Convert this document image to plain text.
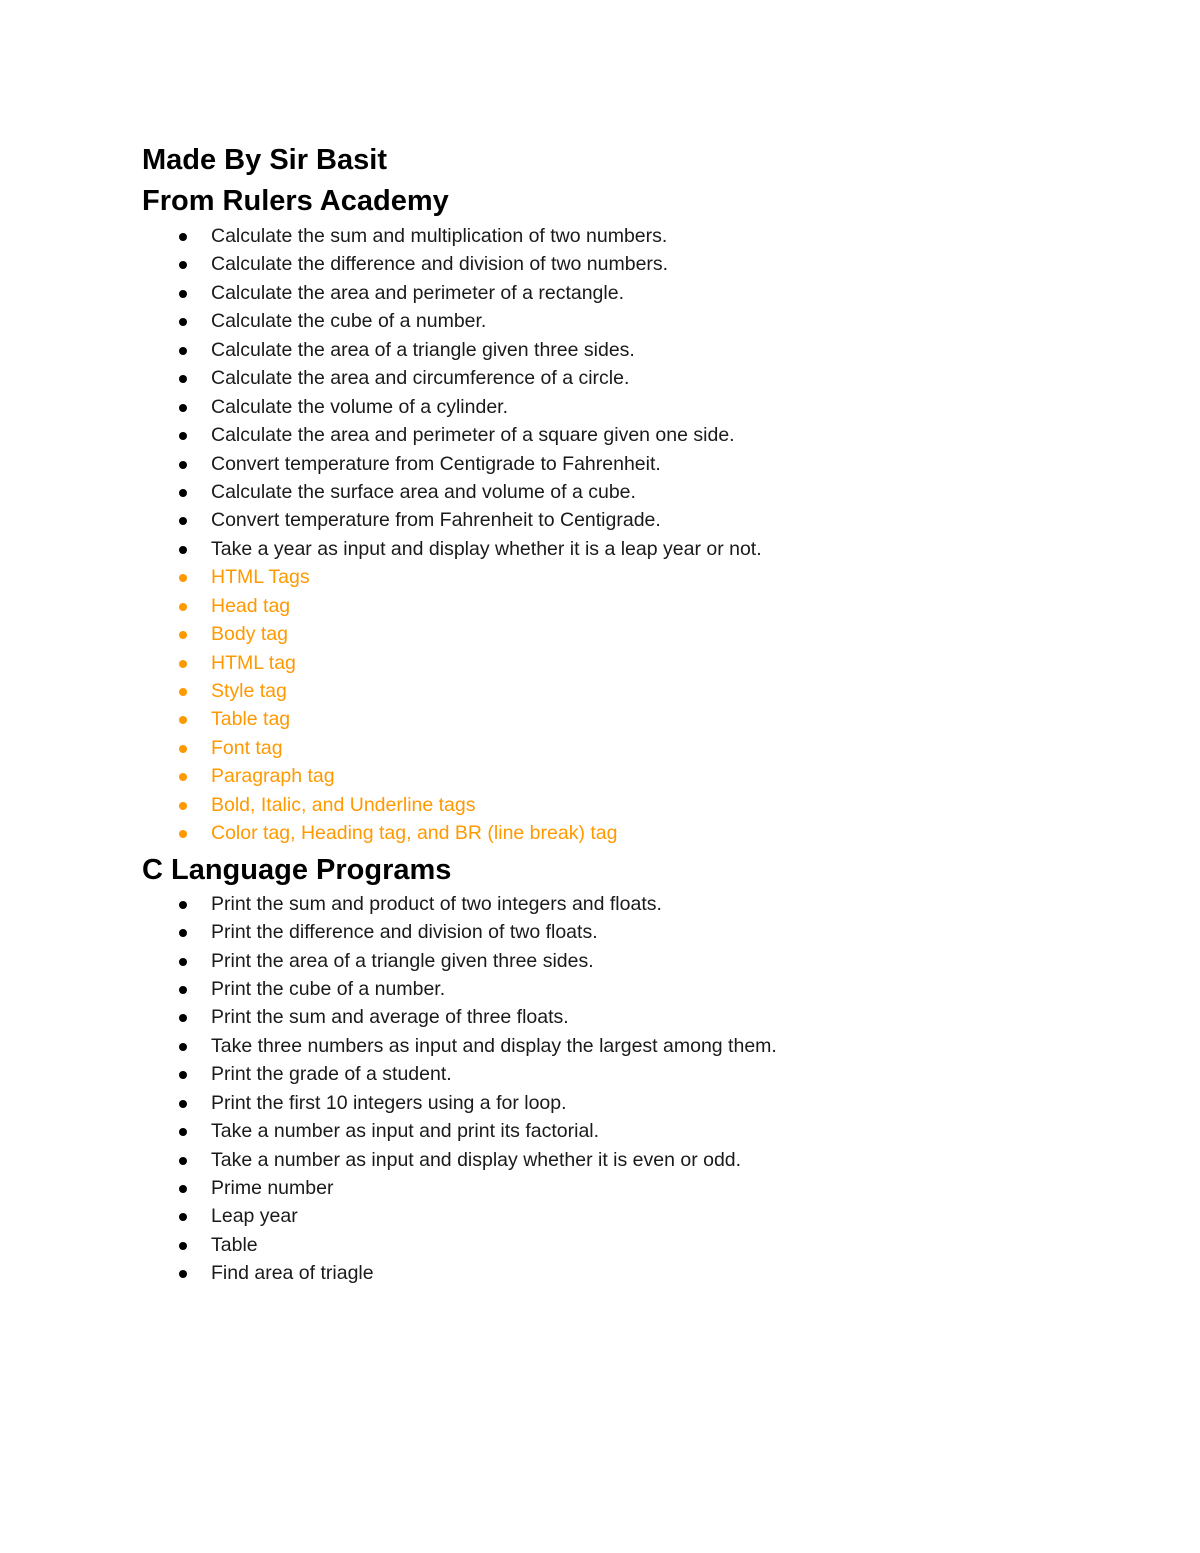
Made By Sir Basit
From Rulers Academy
Calculate the sum and multiplication of two numbers.
Calculate the difference and division of two numbers.
Calculate the area and perimeter of a rectangle.
Calculate the cube of a number.
Calculate the area of a triangle given three sides.
Calculate the area and circumference of a circle.
Calculate the volume of a cylinder.
Calculate the area and perimeter of a square given one side.
Convert temperature from Centigrade to Fahrenheit.
Calculate the surface area and volume of a cube.
Convert temperature from Fahrenheit to Centigrade.
Take a year as input and display whether it is a leap year or not.
HTML Tags
Head tag
Body tag
HTML tag
Style tag
Table tag
Font tag
Paragraph tag
Bold, Italic, and Underline tags
Color tag, Heading tag, and BR (line break) tag
C Language Programs
Print the sum and product of two integers and floats.
Print the difference and division of two floats.
Print the area of a triangle given three sides.
Print the cube of a number.
Print the sum and average of three floats.
Take three numbers as input and display the largest among them.
Print the grade of a student.
Print the first 10 integers using a for loop.
Take a number as input and print its factorial.
Take a number as input and display whether it is even or odd.
Prime number
Leap year
Table
Find area of triagle
